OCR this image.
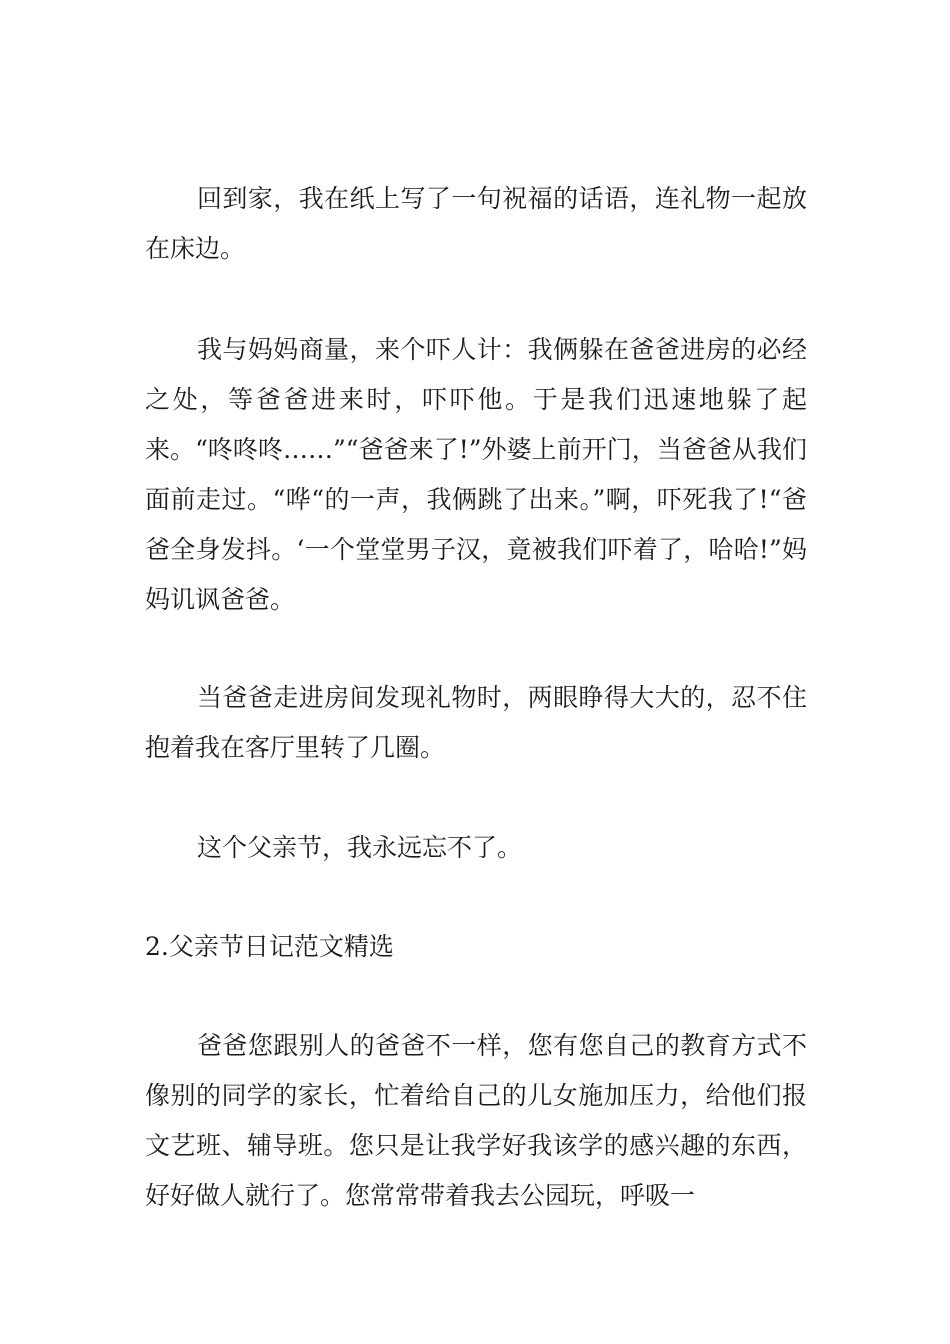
回到家，我在纸上写了一句祝福的话语，连礼物一起放在床边。

我与妈妈商量，来个吓人计：我俩躲在爸爸进房的必经之处，等爸爸进来时，吓吓他。于是我们迅速地躲了起来。“咚咚咚……”“爸爸来了!”外婆上前开门，当爸爸从我们面前走过。“哗“的一声，我俩跳了出来。”啊，吓死我了!“爸爸全身发抖。‘一个堂堂男子汉，竟被我们吓着了，哈哈!”妈妈讥讽爸爸。

当爸爸走进房间发现礼物时，两眼睁得大大的，忍不住抱着我在客厅里转了几圈。

这个父亲节，我永远忘不了。

2.父亲节日记范文精选

爸爸您跟别人的爸爸不一样，您有您自己的教育方式不像别的同学的家长，忙着给自己的儿女施加压力，给他们报文艺班、辅导班。您只是让我学好我该学的感兴趣的东西，好好做人就行了。您常常带着我去公园玩，呼吸一
